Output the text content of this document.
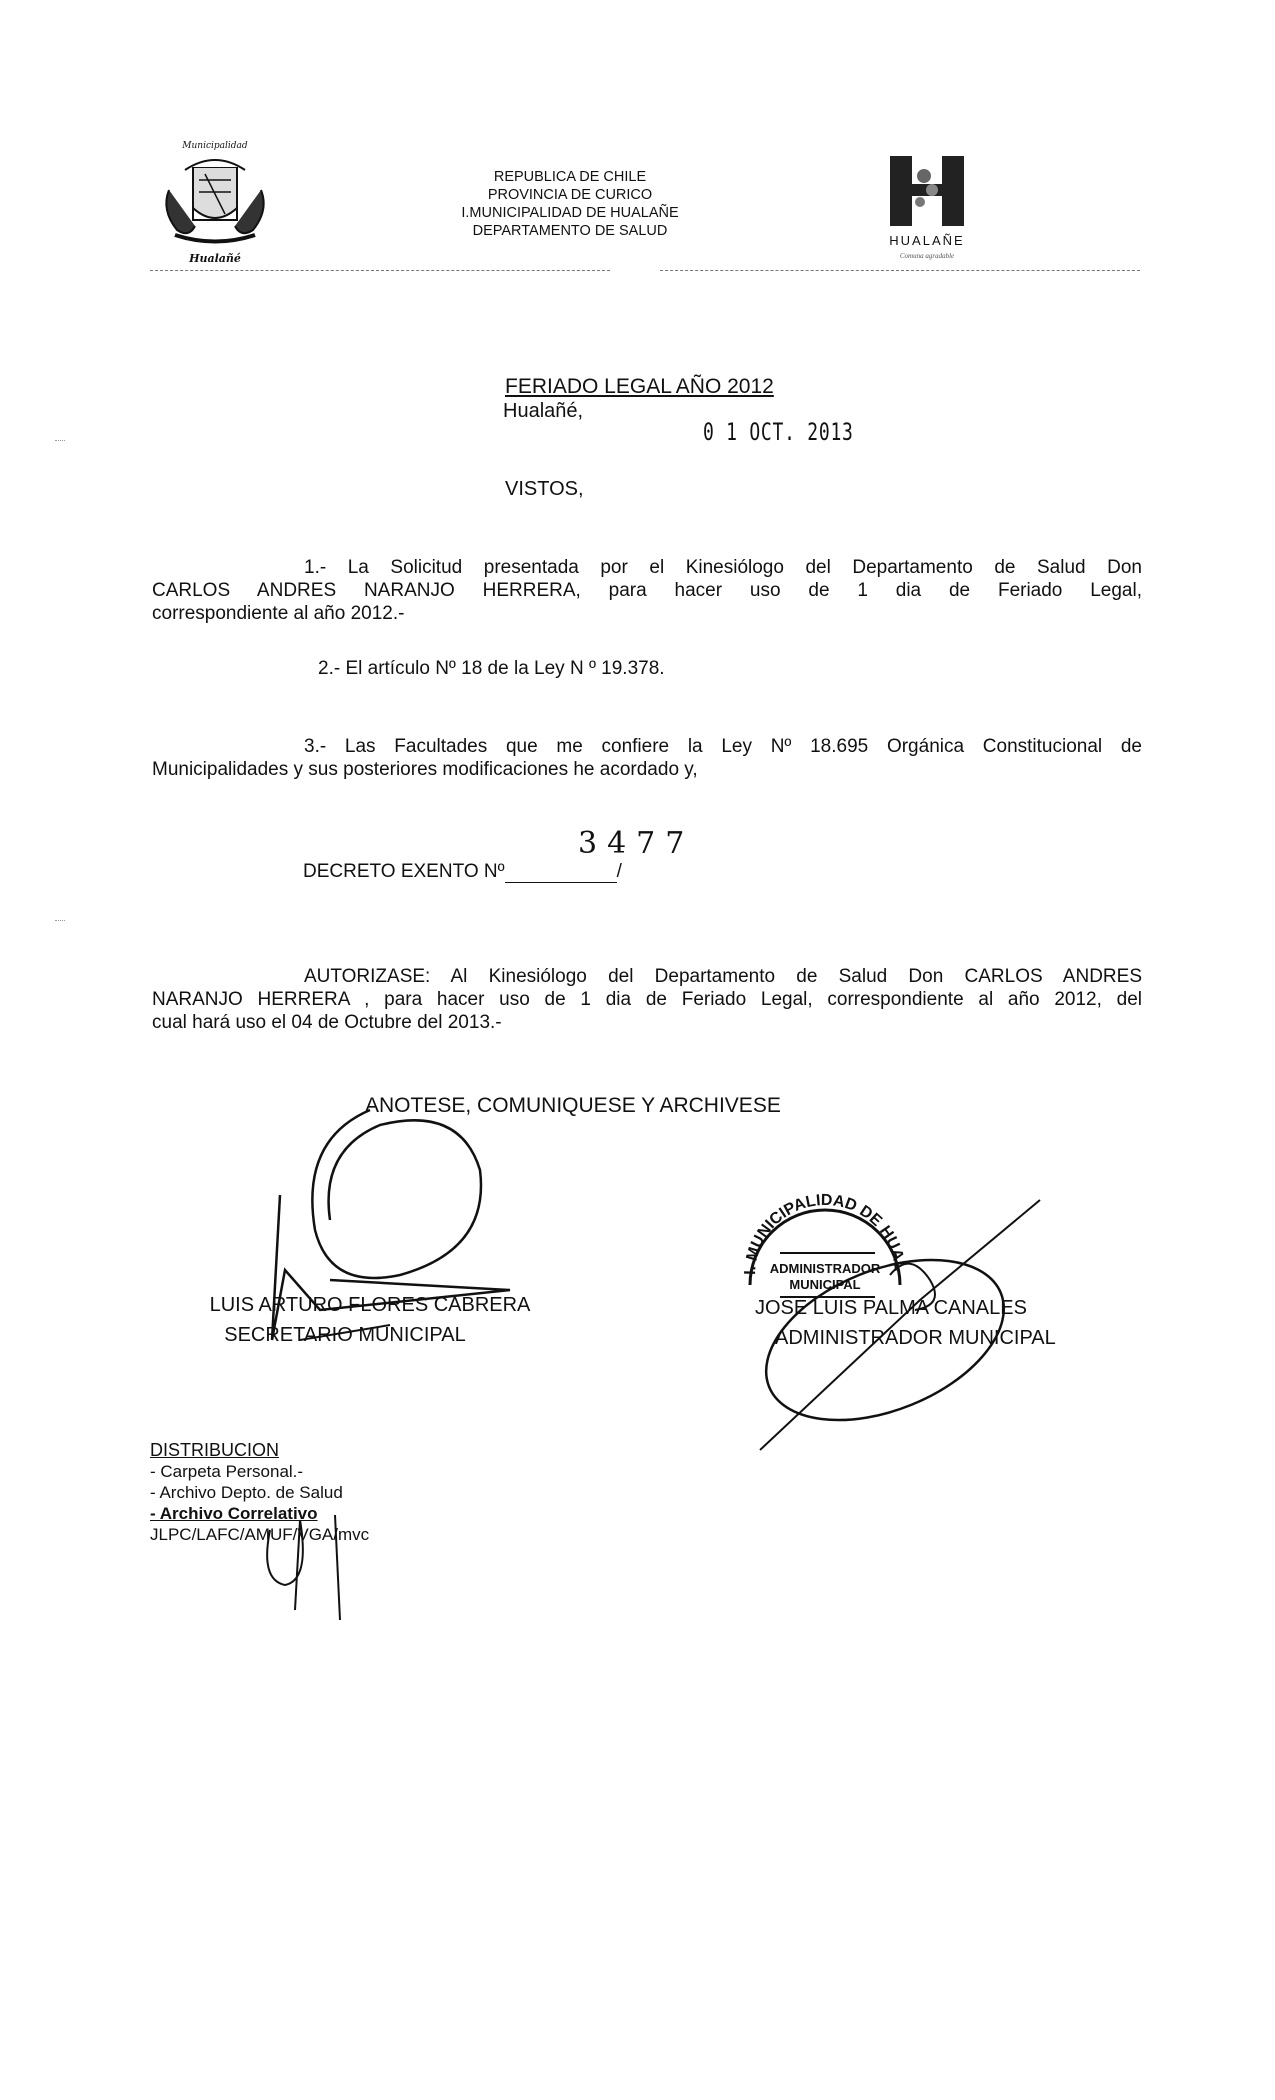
Municipalidad
Hualañé
REPUBLICA DE CHILE
PROVINCIA DE CURICO
I.MUNICIPALIDAD DE HUALAÑE
DEPARTAMENTO DE SALUD
HUALAÑE
Comuna agradable
FERIADO LEGAL AÑO 2012
Hualañé,
0 1 OCT. 2013
VISTOS,
1.- La Solicitud presentada por el Kinesiólogo del Departamento de Salud Don
CARLOS ANDRES NARANJO HERRERA, para hacer uso de 1 dia de Feriado Legal,
correspondiente al año 2012.-
2.- El artículo Nº 18 de la Ley N º 19.378.
3.- Las Facultades que me confiere la Ley Nº 18.695 Orgánica Constitucional de
Municipalidades y sus posteriores modificaciones he acordado y,
3477
DECRETO EXENTO Nº	/
AUTORIZASE: Al Kinesiólogo del Departamento de Salud Don CARLOS ANDRES
NARANJO HERRERA , para hacer uso de 1 dia de Feriado Legal, correspondiente al año 2012, del
cual hará uso el 04 de Octubre del 2013.-
ANOTESE, COMUNIQUESE Y ARCHIVESE
LUIS ARTURO FLORES CABRERA
SECRETARIO MUNICIPAL
I. MUNICIPALIDAD DE HUALAÑE
ADMINISTRADOR
MUNICIPAL
JOSE LUIS PALMA CANALES
ADMINISTRADOR MUNICIPAL
DISTRIBUCION
- Carpeta Personal.-
- Archivo Depto. de Salud
- Archivo Correlativo
JLPC/LAFC/AMUF/VGA/mvc
